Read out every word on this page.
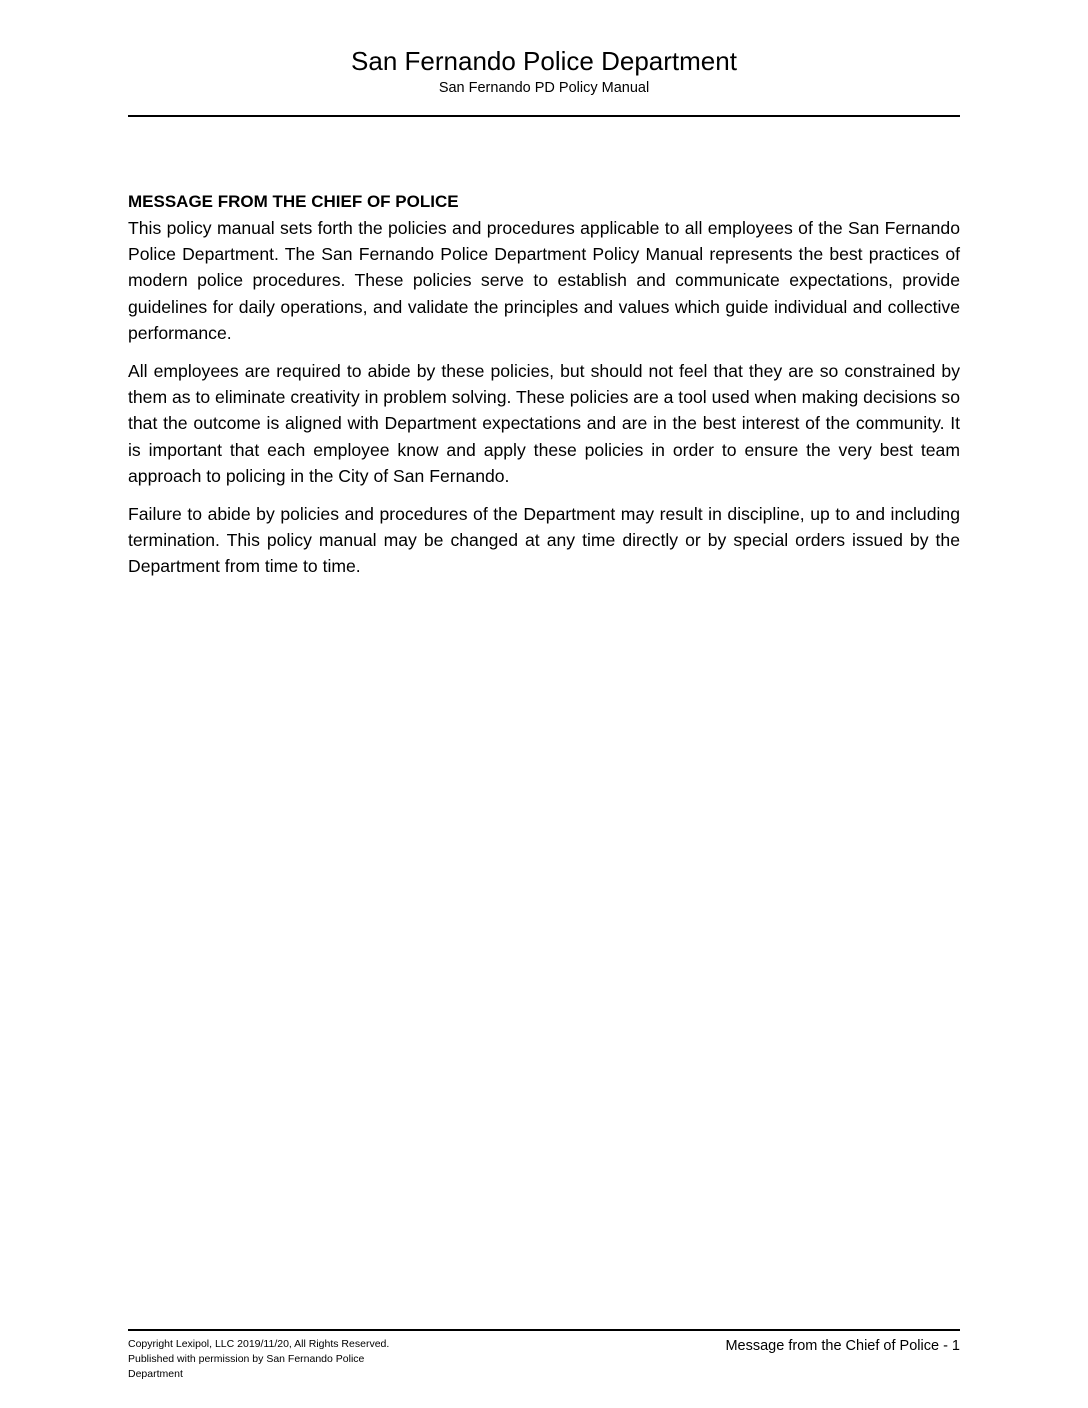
San Fernando Police Department

San Fernando PD Policy Manual

MESSAGE FROM THE CHIEF OF POLICE

This policy manual sets forth the policies and procedures applicable to all employees of the San Fernando Police Department. The San Fernando Police Department Policy Manual represents the best practices of modern police procedures. These policies serve to establish and communicate expectations, provide guidelines for daily operations, and validate the principles and values which guide individual and collective performance.

All employees are required to abide by these policies, but should not feel that they are so constrained by them as to eliminate creativity in problem solving. These policies are a tool used when making decisions so that the outcome is aligned with Department expectations and are in the best interest of the community. It is important that each employee know and apply these policies in order to ensure the very best team approach to policing in the City of San Fernando.

Failure to abide by policies and procedures of the Department may result in discipline, up to and including termination. This policy manual may be changed at any time directly or by special orders issued by the Department from time to time.

Copyright Lexipol, LLC 2019/11/20, All Rights Reserved.
Published with permission by San Fernando Police
Department
Message from the Chief of Police - 1
